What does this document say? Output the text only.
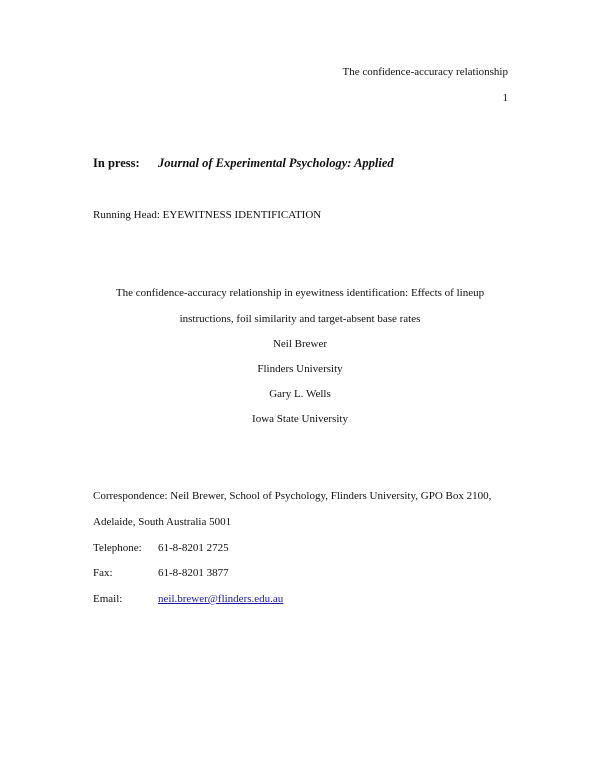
The confidence-accuracy relationship
1
In press: Journal of Experimental Psychology: Applied
Running Head: EYEWITNESS IDENTIFICATION
The confidence-accuracy relationship in eyewitness identification: Effects of lineup
instructions, foil similarity and target-absent base rates
Neil Brewer
Flinders University
Gary L. Wells
Iowa State University
Correspondence: Neil Brewer, School of Psychology, Flinders University, GPO Box 2100,
Adelaide, South Australia 5001
Telephone: 61-8-8201 2725
Fax:	61-8-8201 3877
Email:	neil.brewer@flinders.edu.au
